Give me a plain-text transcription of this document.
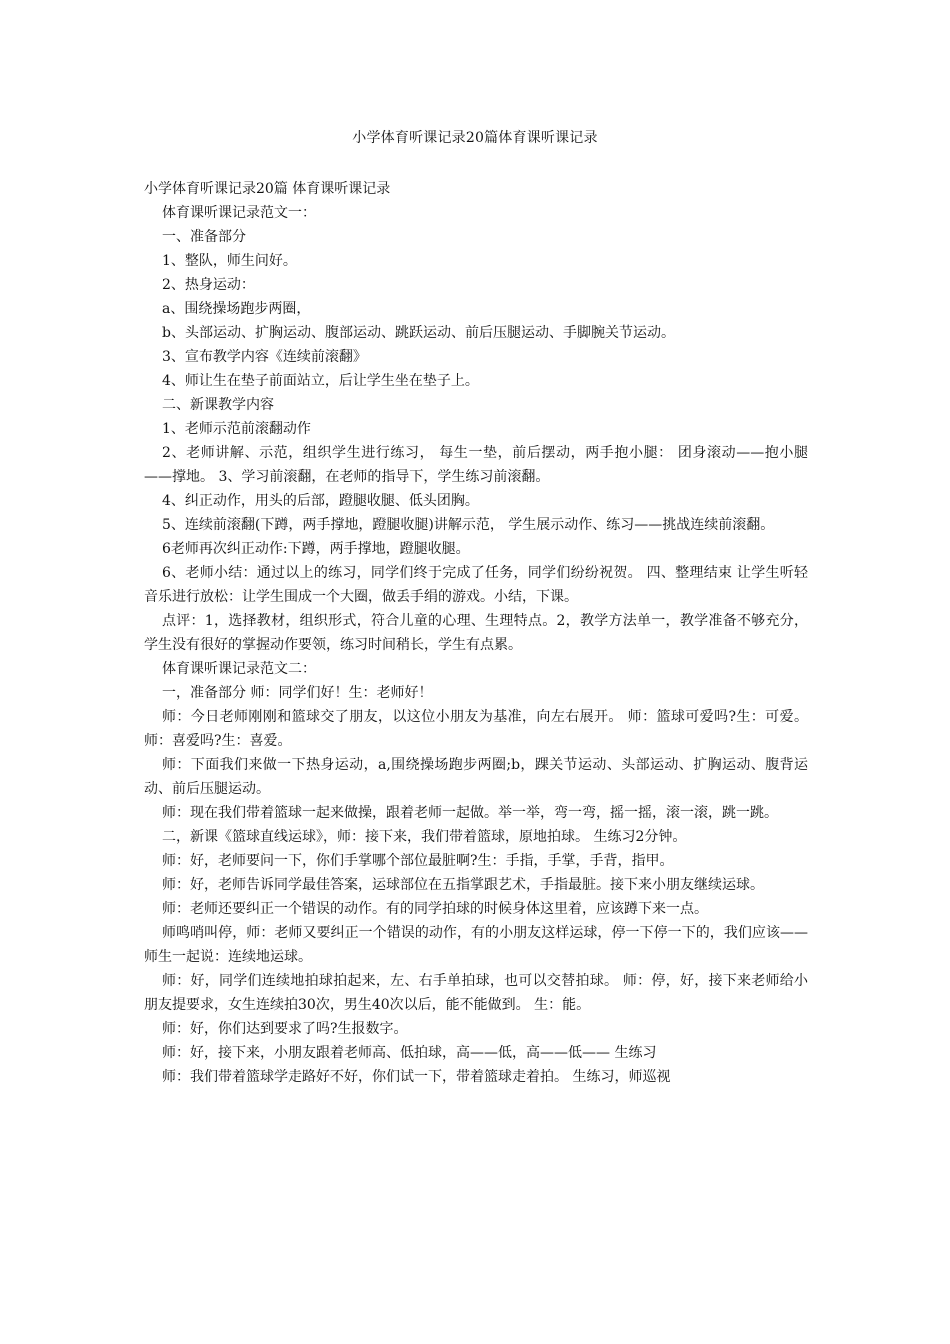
小学体育听课记录20篇体育课听课记录

小学体育听课记录20篇 体育课听课记录

体育课听课记录范文一：

一、准备部分

1、整队，师生问好。

2、热身运动：

a、围绕操场跑步两圈，

b、头部运动、扩胸运动、腹部运动、跳跃运动、前后压腿运动、手脚腕关节运动。

3、宣布教学内容《连续前滚翻》

4、师让生在垫子前面站立，后让学生坐在垫子上。

二、新课教学内容

1、老师示范前滚翻动作

2、老师讲解、示范，组织学生进行练习， 每生一垫，前后摆动，两手抱小腿： 团身滚动——抱小腿——撑地。 3、学习前滚翻，在老师的指导下，学生练习前滚翻。

4、纠正动作，用头的后部，蹬腿收腿、低头团胸。

5、连续前滚翻(下蹲，两手撑地，蹬腿收腿)讲解示范， 学生展示动作、练习——挑战连续前滚翻。

6老师再次纠正动作:下蹲，两手撑地，蹬腿收腿。

6、老师小结：通过以上的练习，同学们终于完成了任务，同学们纷纷祝贺。 四、整理结束 让学生听轻音乐进行放松：让学生围成一个大圈，做丢手绢的游戏。小结，下课。

点评：1，选择教材，组织形式，符合儿童的心理、生理特点。2，教学方法单一，教学准备不够充分，学生没有很好的掌握动作要领，练习时间稍长，学生有点累。

体育课听课记录范文二：

一，准备部分 师：同学们好！生：老师好！

师：今日老师刚刚和篮球交了朋友，以这位小朋友为基准，向左右展开。 师：篮球可爱吗?生：可爱。 师：喜爱吗?生：喜爱。

师：下面我们来做一下热身运动，a,围绕操场跑步两圈;b，踝关节运动、头部运动、扩胸运动、腹背运动、前后压腿运动。

师：现在我们带着篮球一起来做操，跟着老师一起做。举一举，弯一弯，摇一摇，滚一滚，跳一跳。

二，新课《篮球直线运球》，师：接下来，我们带着篮球，原地拍球。 生练习2分钟。

师：好，老师要问一下，你们手掌哪个部位最脏啊?生：手指，手掌，手背，指甲。

师：好，老师告诉同学最佳答案，运球部位在五指掌跟艺术，手指最脏。接下来小朋友继续运球。

师：老师还要纠正一个错误的动作。有的同学拍球的时候身体这里着，应该蹲下来一点。

师鸣哨叫停，师：老师又要纠正一个错误的动作，有的小朋友这样运球，停一下停一下的，我们应该—— 师生一起说：连续地运球。

师：好，同学们连续地拍球拍起来，左、右手单拍球，也可以交替拍球。 师：停，好，接下来老师给小朋友提要求，女生连续拍30次，男生40次以后，能不能做到。 生：能。

师：好，你们达到要求了吗?生报数字。

师：好，接下来，小朋友跟着老师高、低拍球，高——低，高——低—— 生练习

师：我们带着篮球学走路好不好，你们试一下，带着篮球走着拍。 生练习，师巡视
